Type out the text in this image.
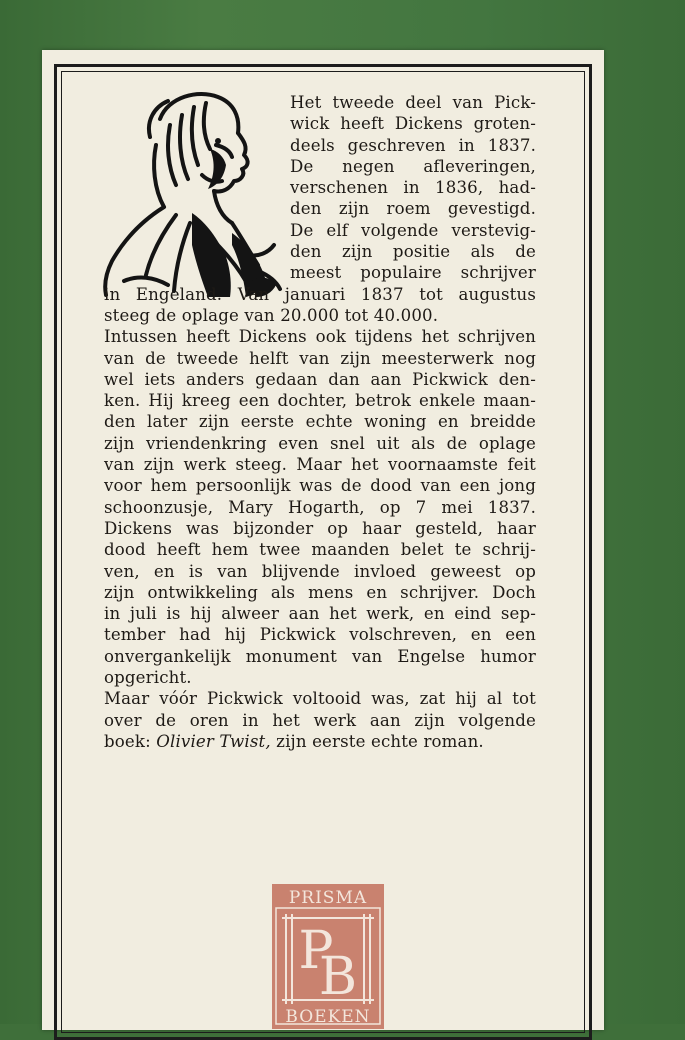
Het tweede deel van Pick-
wick heeft Dickens groten-
deels geschreven in 1837.
De negen afleveringen,
verschenen in 1836, had-
den zijn roem gevestigd.
De elf volgende verstevig-
den zijn positie als de
meest populaire schrijver
in Engeland. Van januari 1837 tot augustus
steeg de oplage van 20.000 tot 40.000.
Intussen heeft Dickens ook tijdens het schrijven
van de tweede helft van zijn meesterwerk nog
wel iets anders gedaan dan aan Pickwick den-
ken. Hij kreeg een dochter, betrok enkele maan-
den later zijn eerste echte woning en breidde
zijn vriendenkring even snel uit als de oplage
van zijn werk steeg. Maar het voornaamste feit
voor hem persoonlijk was de dood van een jong
schoonzusje, Mary Hogarth, op 7 mei 1837.
Dickens was bijzonder op haar gesteld, haar
dood heeft hem twee maanden belet te schrij-
ven, en is van blijvende invloed geweest op
zijn ontwikkeling als mens en schrijver. Doch
in juli is hij alweer aan het werk, en eind sep-
tember had hij Pickwick volschreven, en een
onvergankelijk monument van Engelse humor
opgericht.
Maar vóór Pickwick voltooid was, zat hij al tot
over de oren in het werk aan zijn volgende
boek: Olivier Twist, zijn eerste echte roman.
PRISMA
P
B
BOEKEN
